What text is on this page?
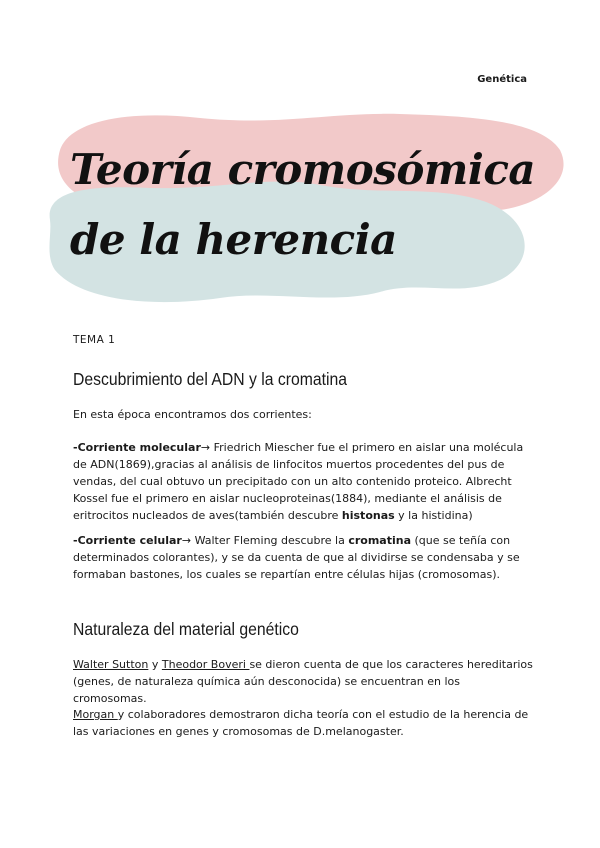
Genética
Teoría cromosómica
de la herencia
TEMA 1
Descubrimiento del ADN y la cromatina

En esta época encontramos dos corrientes:

-Corriente molecular→ Friedrich Miescher fue el primero en aislar una molécula de ADN(1869),gracias al análisis de linfocitos muertos procedentes del pus de vendas, del cual obtuvo un precipitado con un alto contenido proteico. Albrecht Kossel fue el primero en aislar nucleoproteinas(1884), mediante el análisis de eritrocitos nucleados de aves(también descubre histonas y la histidina)

-Corriente celular→ Walter Fleming descubre la cromatina (que se teñía con determinados colorantes), y se da cuenta de que al dividirse se condensaba y se formaban bastones, los cuales se repartían entre células hijas (cromosomas).

Naturaleza del material genético

Walter Sutton y Theodor Boveri se dieron cuenta de que los caracteres hereditarios (genes, de naturaleza química aún desconocida) se encuentran en los cromosomas.

Morgan y colaboradores demostraron dicha teoría con el estudio de la herencia de las variaciones en genes y cromosomas de D.melanogaster.
